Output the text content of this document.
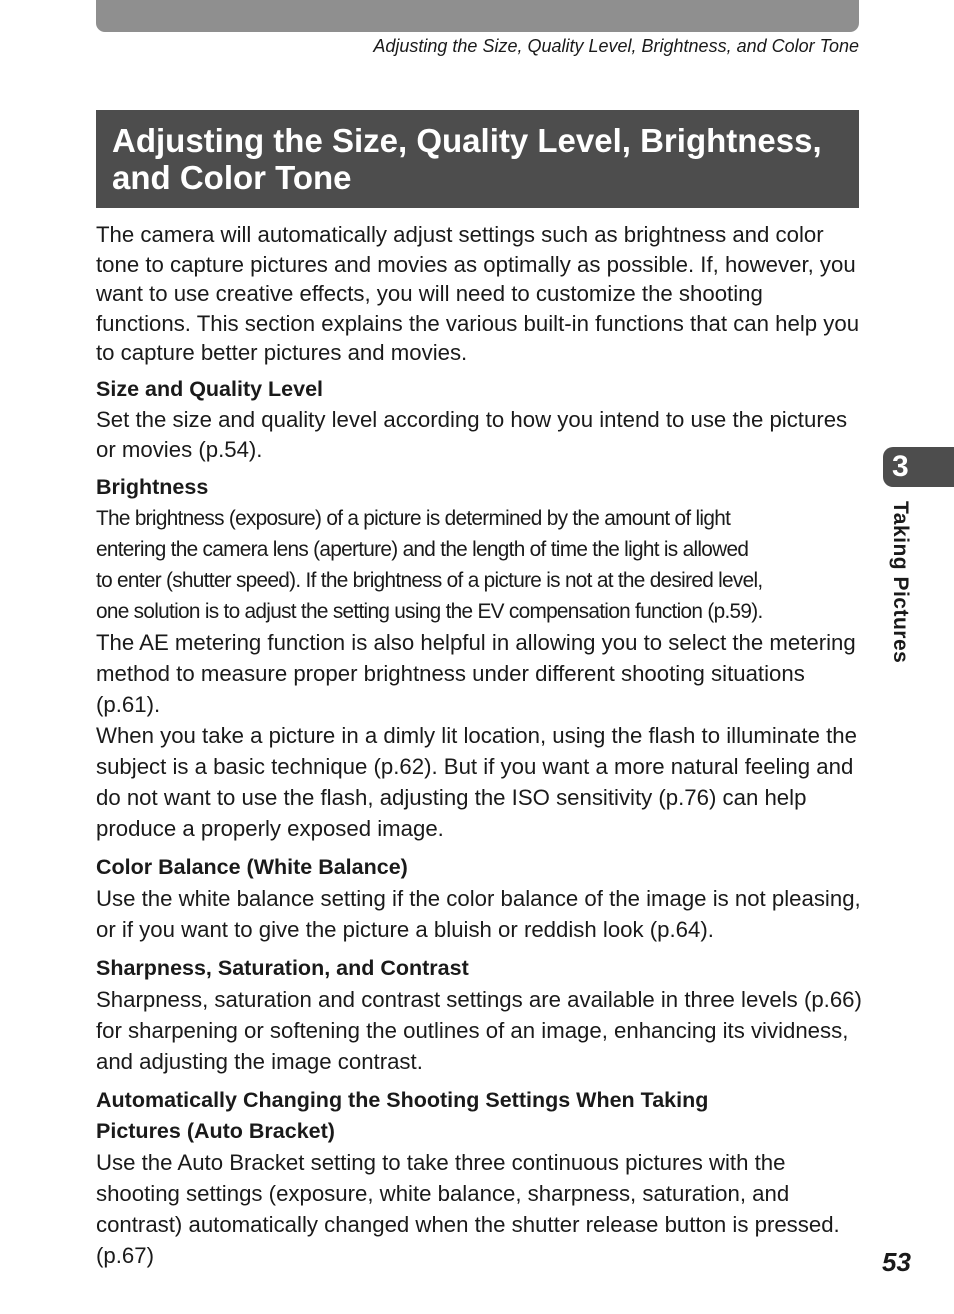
Adjusting the Size, Quality Level, Brightness, and Color Tone
Adjusting the Size, Quality Level, Brightness,
and Color Tone

The camera will automatically adjust settings such as brightness and color tone to capture pictures and movies as optimally as possible. If, however, you want to use creative effects, you will need to customize the shooting functions. This section explains the various built-in functions that can help you to capture better pictures and movies.

Size and Quality Level

Set the size and quality level according to how you intend to use the pictures or movies (p.54).

Brightness
The brightness (exposure) of a picture is determined by the amount of light
entering the camera lens (aperture) and the length of time the light is allowed
to enter (shutter speed). If the brightness of a picture is not at the desired level,
one solution is to adjust the setting using the EV compensation function (p.59).

The AE metering function is also helpful in allowing you to select the metering method to measure proper brightness under different shooting situations (p.61).

When you take a picture in a dimly lit location, using the flash to illuminate the subject is a basic technique (p.62). But if you want a more natural feeling and do not want to use the flash, adjusting the ISO sensitivity (p.76) can help produce a properly exposed image.

Color Balance (White Balance)

Use the white balance setting if the color balance of the image is not pleasing, or if you want to give the picture a bluish or reddish look (p.64).

Sharpness, Saturation, and Contrast

Sharpness, saturation and contrast settings are available in three levels (p.66) for sharpening or softening the outlines of an image, enhancing its vividness, and adjusting the image contrast.

Automatically Changing the Shooting Settings When Taking
Pictures (Auto Bracket)

Use the Auto Bracket setting to take three continuous pictures with the shooting settings (exposure, white balance, sharpness, saturation, and contrast) automatically changed when the shutter release button is pressed. (p.67)

3
Taking Pictures
53
